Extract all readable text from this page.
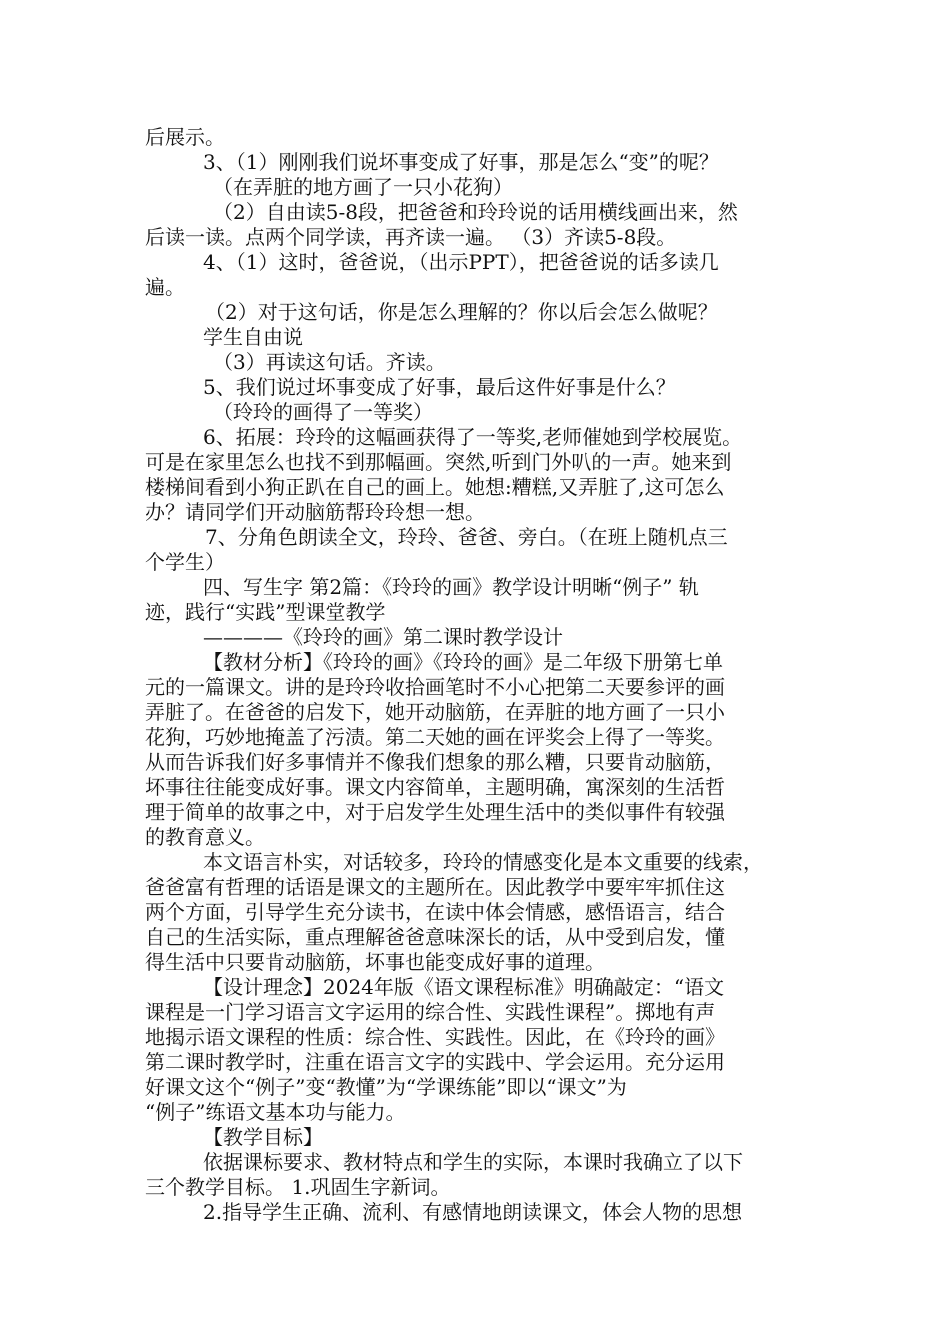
后展示。

3、（1）刚刚我们说坏事变成了好事，那是怎么“变”的呢？

（在弄脏的地方画了一只小花狗）

（2）自由读5-8段，把爸爸和玲玲说的话用横线画出来，然

后读一读。点两个同学读，再齐读一遍。 （3）齐读5-8段。

4、（1）这时，爸爸说，（出示PPT），把爸爸说的话多读几

遍。

（2）对于这句话，你是怎么理解的？你以后会怎么做呢？

学生自由说

（3）再读这句话。齐读。

5、我们说过坏事变成了好事，最后这件好事是什么？

（玲玲的画得了一等奖）

6、拓展：玲玲的这幅画获得了一等奖,老师催她到学校展览。

可是在家里怎么也找不到那幅画。突然,听到门外叭的一声。她来到

楼梯间看到小狗正趴在自己的画上。她想:糟糕,又弄脏了,这可怎么

办？请同学们开动脑筋帮玲玲想一想。

7、分角色朗读全文，玲玲、爸爸、旁白。（在班上随机点三

个学生）

四、写生字 第2篇：《玲玲的画》教学设计明晰“例子” 轨

迹，践行“实践”型课堂教学

————《玲玲的画》第二课时教学设计

【教材分析】《玲玲的画》《玲玲的画》是二年级下册第七单

元的一篇课文。讲的是玲玲收拾画笔时不小心把第二天要参评的画

弄脏了。在爸爸的启发下，她开动脑筋，在弄脏的地方画了一只小

花狗，巧妙地掩盖了污渍。第二天她的画在评奖会上得了一等奖。

从而告诉我们好多事情并不像我们想象的那么糟，只要肯动脑筋，

坏事往往能变成好事。课文内容简单，主题明确，寓深刻的生活哲

理于简单的故事之中，对于启发学生处理生活中的类似事件有较强

的教育意义。

本文语言朴实，对话较多，玲玲的情感变化是本文重要的线索，

爸爸富有哲理的话语是课文的主题所在。因此教学中要牢牢抓住这

两个方面，引导学生充分读书，在读中体会情感，感悟语言，结合

自己的生活实际，重点理解爸爸意味深长的话，从中受到启发，懂

得生活中只要肯动脑筋，坏事也能变成好事的道理。

【设计理念】2024年版《语文课程标准》明确敲定：“语文

课程是一门学习语言文字运用的综合性、实践性课程”。掷地有声

地揭示语文课程的性质：综合性、实践性。因此，在《玲玲的画》

第二课时教学时，注重在语言文字的实践中、学会运用。充分运用

好课文这个“例子”变“教懂”为“学课练能”即以“课文”为

“例子”练语文基本功与能力。

【教学目标】

依据课标要求、教材特点和学生的实际，本课时我确立了以下

三个教学目标。 1.巩固生字新词。

2.指导学生正确、流利、有感情地朗读课文，体会人物的思想
